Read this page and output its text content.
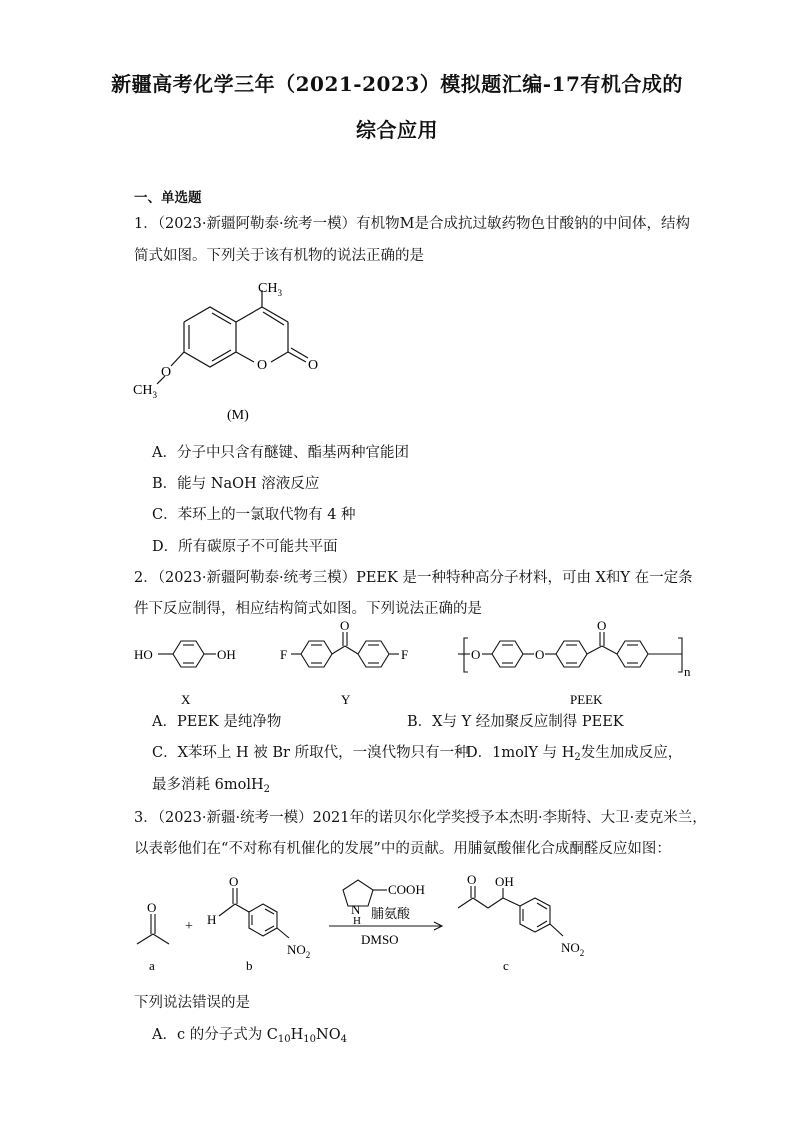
新疆高考化学三年（2021-2023）模拟题汇编-17有机合成的
综合应用
一、单选题
1．（2023·新疆阿勒泰·统考一模）有机物M是合成抗过敏药物色甘酸钠的中间体，结构
简式如图。下列关于该有机物的说法正确的是
$CH_3$
O	O
O
$CH_3$
(M)
A．分子中只含有醚键、酯基两种官能团
B．能与 NaOH 溶液反应
C．苯环上的一氯取代物有 4 种
D．所有碳原子不可能共平面
2．（2023·新疆阿勒泰·统考三模）PEEK 是一种特种高分子材料，可由 X和Y 在一定条
件下反应制得，相应结构简式如图。下列说法正确的是
HO	OH	F	F
O
O	O
O
n
X	Y	PEEK
A．PEEK 是纯净物	B．X与 Y 经加聚反应制得 PEEK
C．X苯环上 H 被 Br 所取代，一溴代物只有一种
D．1molY 与 $H_2$发生加成反应，
最多消耗 6molH$_2$
3．（2023·新疆·统考一模）2021年的诺贝尔化学奖授予本杰明·李斯特、大卫·麦克米兰，
以表彰他们在“不对称有机催化的发展”中的贡献。用脯氨酸催化合成酮醛反应如图：
O
+ H
O
$NO_2$
COOH
N
H 脯氨酸
DMSO
O OH
$NO_2$
a	b	c
下列说法错误的是
A．c 的分子式为 $C_{10}H_{10}NO_4$
